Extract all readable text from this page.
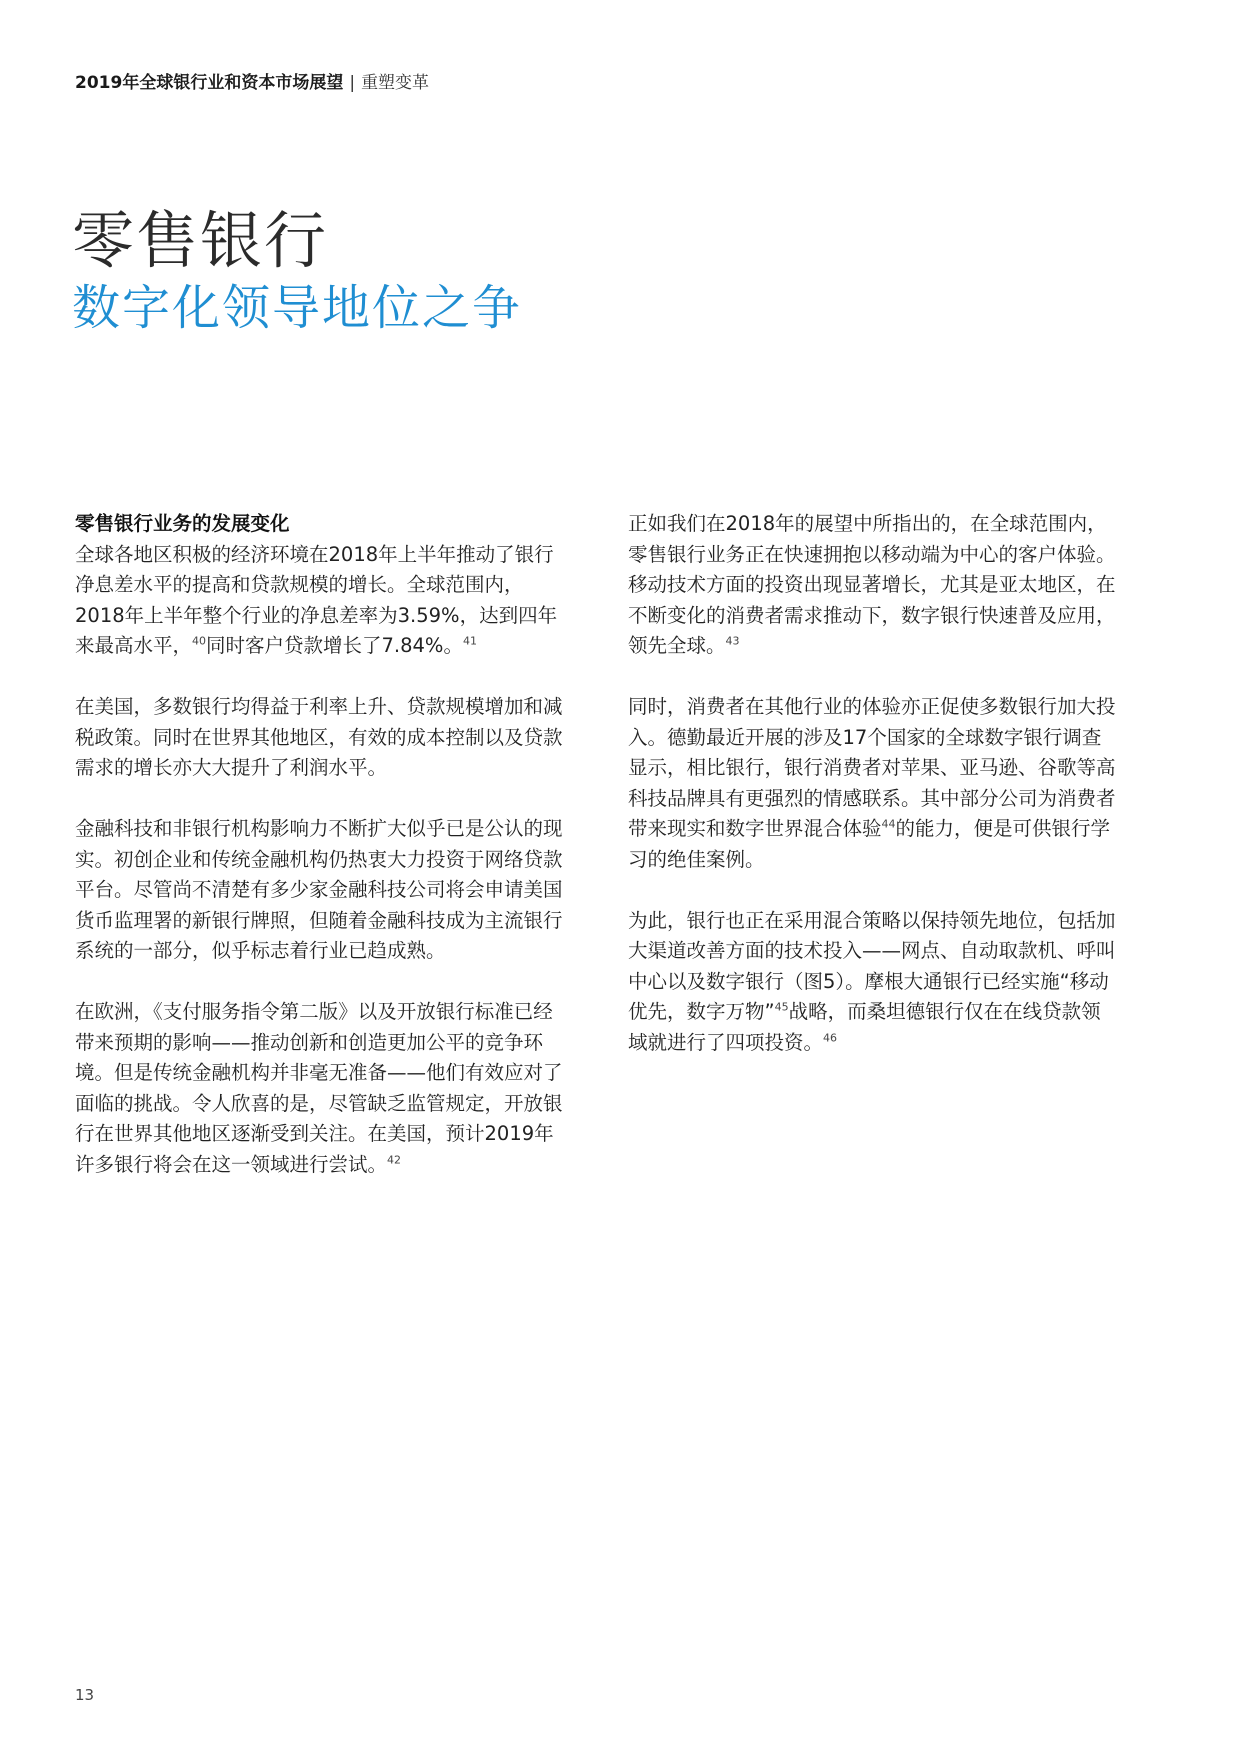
2019年全球银行业和资本市场展望 | 重塑变革
零售银行
数字化领导地位之争
零售银行业务的发展变化

全球各地区积极的经济环境在2018年上半年推动了银行净息差水平的提高和贷款规模的增长。全球范围内，2018年上半年整个行业的净息差率为3.59%，达到四年来最高水平，$^{40}$同时客户贷款增长了7.84%。$^{41}$

在美国，多数银行均得益于利率上升、贷款规模增加和减税政策。同时在世界其他地区，有效的成本控制以及贷款需求的增长亦大大提升了利润水平。

金融科技和非银行机构影响力不断扩大似乎已是公认的现实。初创企业和传统金融机构仍热衷大力投资于网络贷款平台。尽管尚不清楚有多少家金融科技公司将会申请美国货币监理署的新银行牌照，但随着金融科技成为主流银行系统的一部分，似乎标志着行业已趋成熟。

在欧洲，《支付服务指令第二版》以及开放银行标准已经带来预期的影响——推动创新和创造更加公平的竞争环境。但是传统金融机构并非毫无准备——他们有效应对了面临的挑战。令人欣喜的是，尽管缺乏监管规定，开放银行在世界其他地区逐渐受到关注。在美国，预计2019年许多银行将会在这一领域进行尝试。$^{42}$

正如我们在2018年的展望中所指出的，在全球范围内，零售银行业务正在快速拥抱以移动端为中心的客户体验。移动技术方面的投资出现显著增长，尤其是亚太地区，在不断变化的消费者需求推动下，数字银行快速普及应用，领先全球。$^{43}$

同时，消费者在其他行业的体验亦正促使多数银行加大投入。德勤最近开展的涉及17个国家的全球数字银行调查显示，相比银行，银行消费者对苹果、亚马逊、谷歌等高科技品牌具有更强烈的情感联系。其中部分公司为消费者带来现实和数字世界混合体验$^{44}$的能力，便是可供银行学习的绝佳案例。

为此，银行也正在采用混合策略以保持领先地位，包括加大渠道改善方面的技术投入——网点、自动取款机、呼叫中心以及数字银行（图5）。摩根大通银行已经实施“移动优先，数字万物”$^{45}$战略，而桑坦德银行仅在在线贷款领域就进行了四项投资。$^{46}$

13
